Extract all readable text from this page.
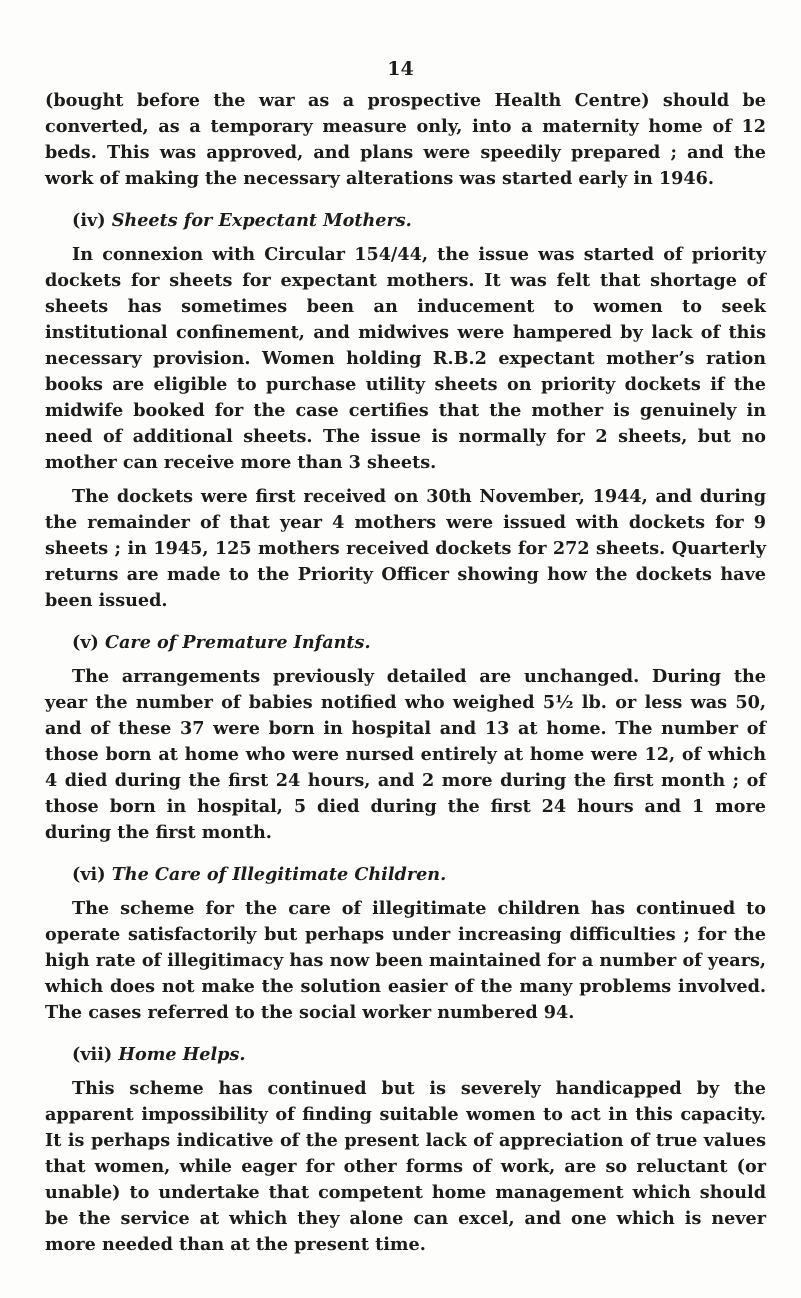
14

(bought before the war as a prospective Health Centre) should be converted, as a temporary measure only, into a maternity home of 12 beds. This was approved, and plans were speedily prepared ; and the work of making the necessary alterations was started early in 1946.

(iv) Sheets for Expectant Mothers.

In connexion with Circular 154/44, the issue was started of priority dockets for sheets for expectant mothers. It was felt that shortage of sheets has sometimes been an inducement to women to seek institutional confinement, and midwives were hampered by lack of this necessary provision. Women holding R.B.2 expectant mother’s ration books are eligible to purchase utility sheets on priority dockets if the midwife booked for the case certifies that the mother is genuinely in need of additional sheets. The issue is normally for 2 sheets, but no mother can receive more than 3 sheets.

The dockets were first received on 30th November, 1944, and during the remainder of that year 4 mothers were issued with dockets for 9 sheets ; in 1945, 125 mothers received dockets for 272 sheets. Quarterly returns are made to the Priority Officer showing how the dockets have been issued.

(v) Care of Premature Infants.

The arrangements previously detailed are unchanged. During the year the number of babies notified who weighed 5½ lb. or less was 50, and of these 37 were born in hospital and 13 at home. The number of those born at home who were nursed entirely at home were 12, of which 4 died during the first 24 hours, and 2 more during the first month ; of those born in hospital, 5 died during the first 24 hours and 1 more during the first month.

(vi) The Care of Illegitimate Children.

The scheme for the care of illegitimate children has continued to operate satisfactorily but perhaps under increasing difficulties ; for the high rate of illegitimacy has now been maintained for a number of years, which does not make the solution easier of the many problems involved. The cases referred to the social worker numbered 94.

(vii) Home Helps.

This scheme has continued but is severely handicapped by the apparent impossibility of finding suitable women to act in this capacity. It is perhaps indicative of the present lack of appreciation of true values that women, while eager for other forms of work, are so reluctant (or unable) to undertake that competent home management which should be the service at which they alone can excel, and one which is never more needed than at the present time.
